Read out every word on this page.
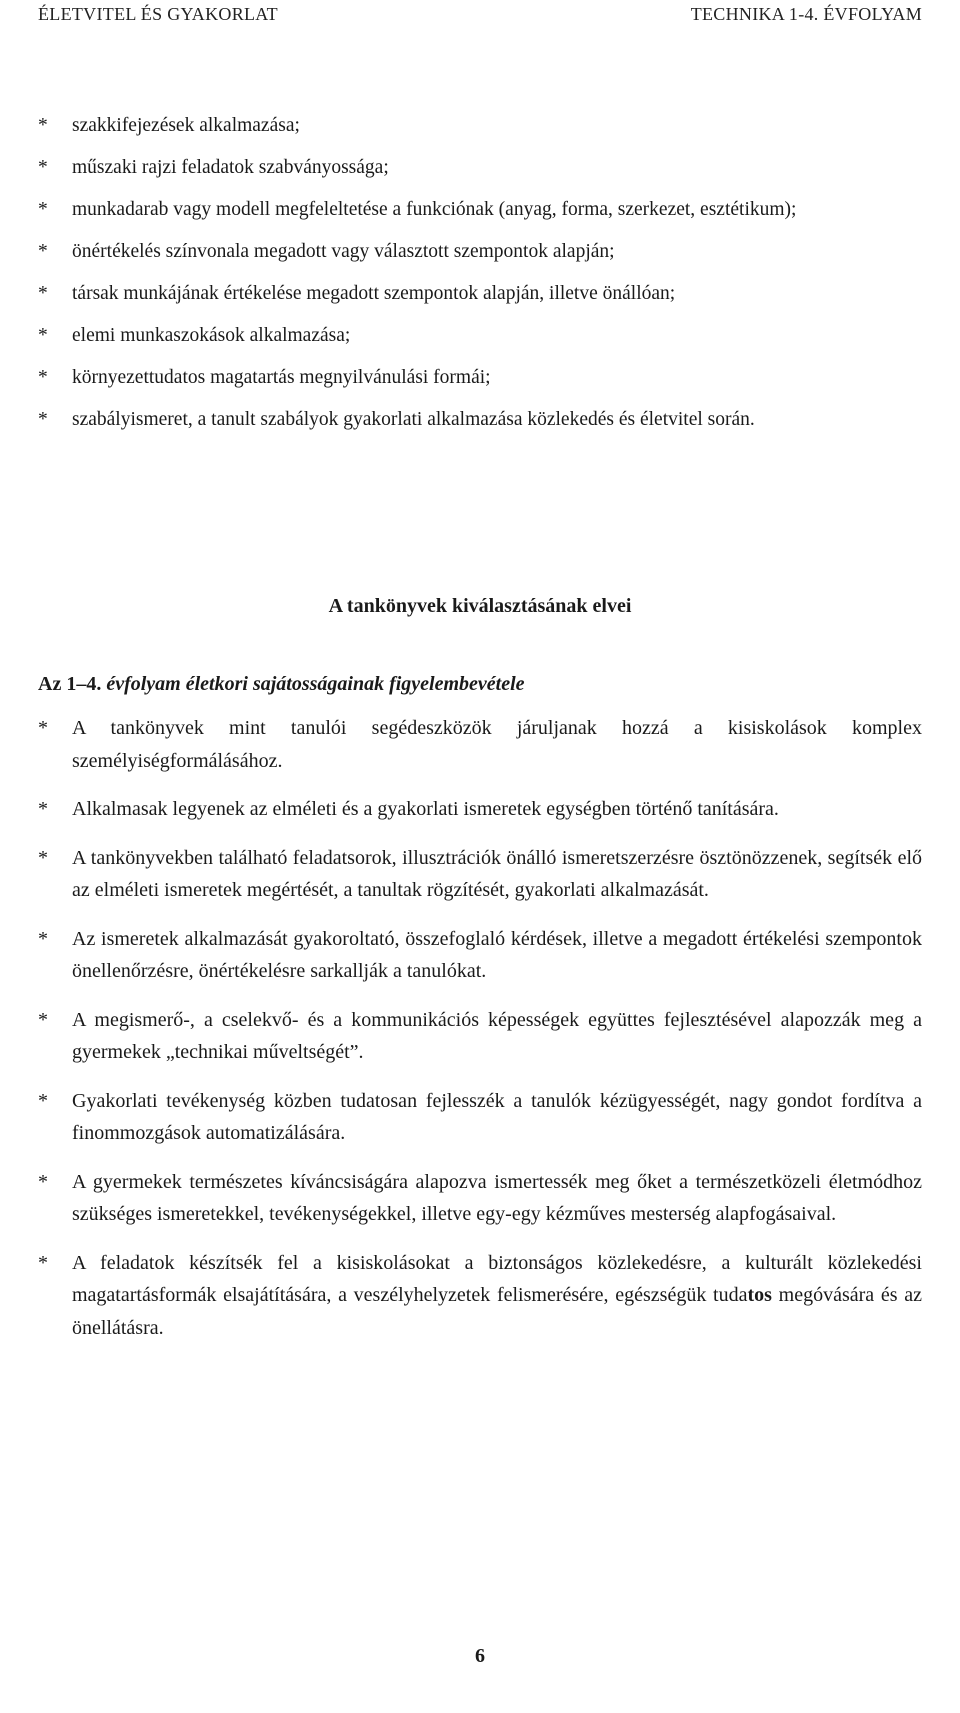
ÉLETVITEL ÉS GYAKORLAT	TECHNIKA 1-4. ÉVFOLYAM
* szakkifejezések alkalmazása;
* műszaki rajzi feladatok szabványossága;
* munkadarab vagy modell megfeleltetése a funkciónak (anyag, forma, szerkezet, esztétikum);
* önértékelés színvonala megadott vagy választott szempontok alapján;
* társak munkájának értékelése megadott szempontok alapján, illetve önállóan;
* elemi munkaszokások alkalmazása;
* környezettudatos magatartás megnyilvánulási formái;
* szabályismeret, a tanult szabályok gyakorlati alkalmazása közlekedés és életvitel során.
A tankönyvek kiválasztásának elvei
Az 1–4. évfolyam életkori sajátosságainak figyelembevétele
* A tankönyvek mint tanulói segédeszközök járuljanak hozzá a kisiskolások komplex személyiségformálásához.
* Alkalmasak legyenek az elméleti és a gyakorlati ismeretek egységben történő tanítására.
* A tankönyvekben található feladatsorok, illusztrációk önálló ismeretszerzésre ösztönözzenek, segítsék elő az elméleti ismeretek megértését, a tanultak rögzítését, gyakorlati alkalmazását.
* Az ismeretek alkalmazását gyakoroltató, összefoglaló kérdések, illetve a megadott értékelési szempontok önellenőrzésre, önértékelésre sarkallják a tanulókat.
* A megismerő-, a cselekvő- és a kommunikációs képességek együttes fejlesztésével alapozzák meg a gyermekek „technikai műveltségét”.
* Gyakorlati tevékenység közben tudatosan fejlesszék a tanulók kézügyességét, nagy gondot fordítva a finommozgások automatizálására.
* A gyermekek természetes kíváncsiságára alapozva ismertessék meg őket a természetközeli életmódhoz szükséges ismeretekkel, tevékenységekkel, illetve egy-egy kézműves mesterség alapfogásaival.
* A feladatok készítsék fel a kisiskolásokat a biztonságos közlekedésre, a kulturált közlekedési magatartásformák elsajátítására, a veszélyhelyzetek felismerésére, egészségük tudatos megóvására és az önellátásra.
6
